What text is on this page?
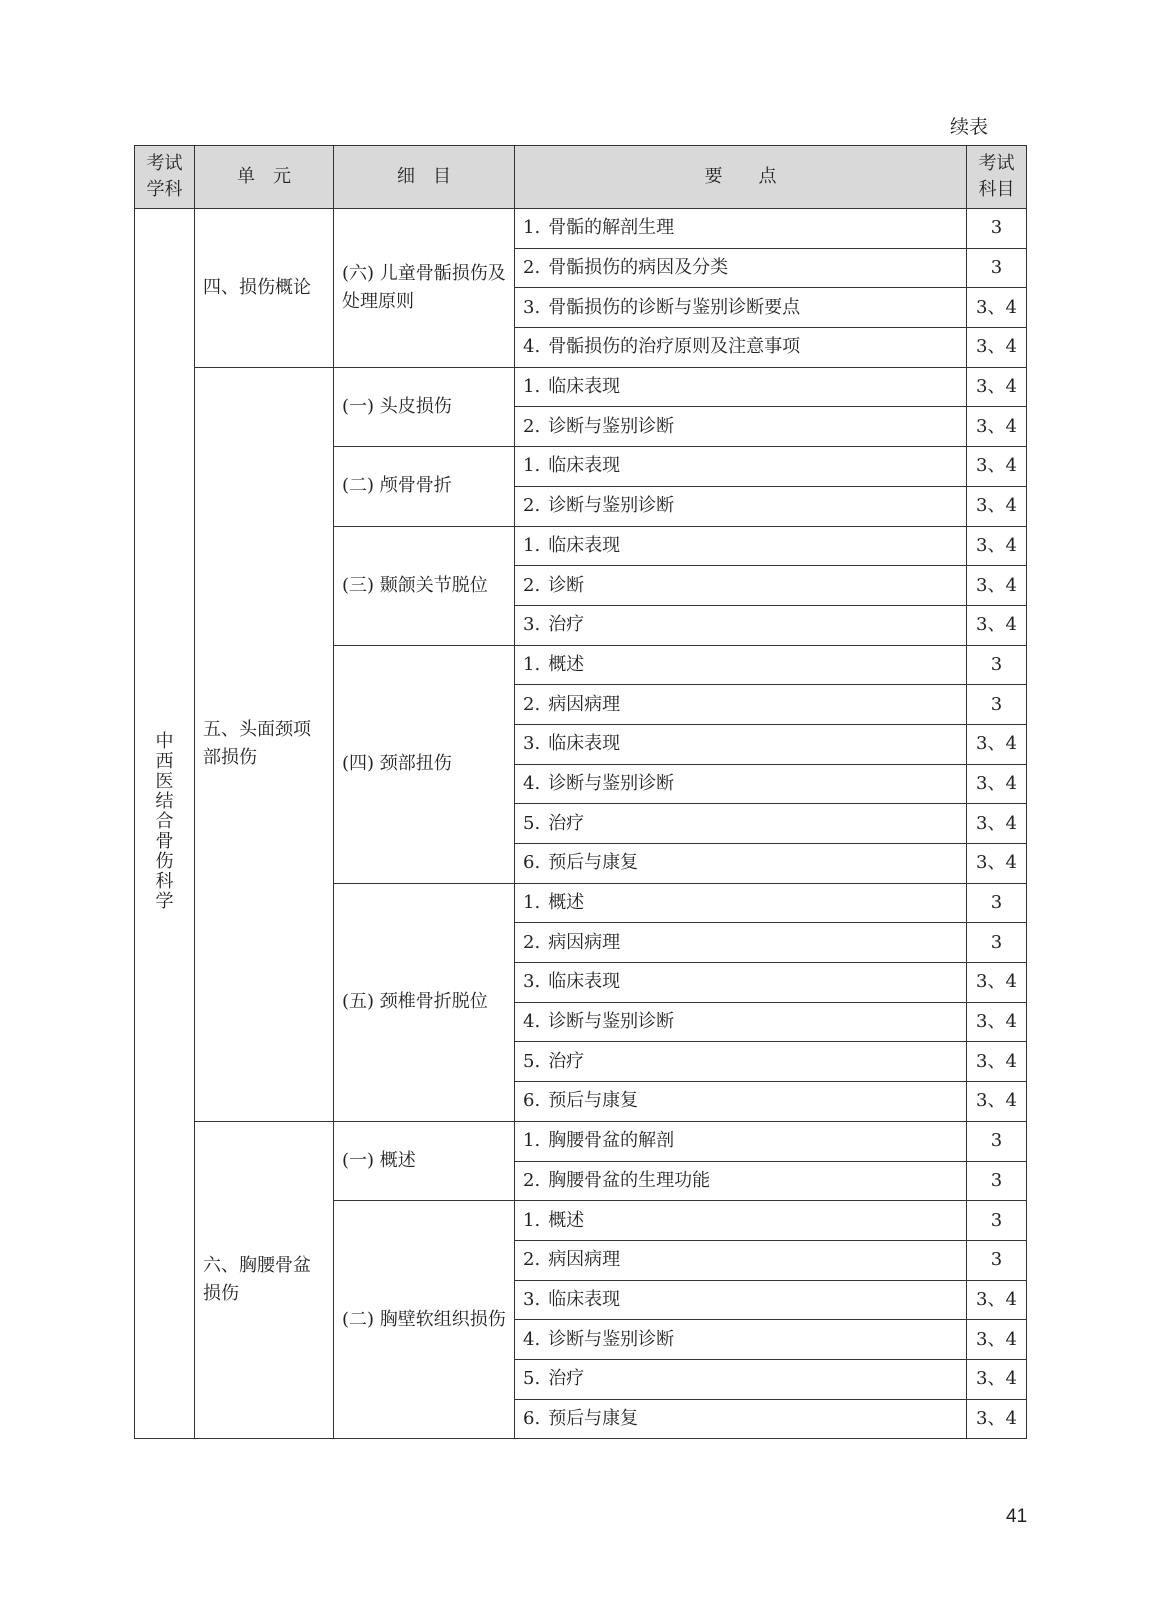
续表
考试学科	单　元	细　目	要　　点	考试科目
中西医结合骨伤科学	四、损伤概论	(六) 儿童骨骺损伤及处理原则	1. 骨骺的解剖生理	3
			2. 骨骺损伤的病因及分类	3
			3. 骨骺损伤的诊断与鉴别诊断要点	3、4
			4. 骨骺损伤的治疗原则及注意事项	3、4
	五、头面颈项部损伤	(一) 头皮损伤	1. 临床表现	3、4
			2. 诊断与鉴别诊断	3、4
		(二) 颅骨骨折	1. 临床表现	3、4
			2. 诊断与鉴别诊断	3、4
		(三) 颞颌关节脱位	1. 临床表现	3、4
			2. 诊断	3、4
			3. 治疗	3、4
		(四) 颈部扭伤	1. 概述	3
			2. 病因病理	3
			3. 临床表现	3、4
			4. 诊断与鉴别诊断	3、4
			5. 治疗	3、4
			6. 预后与康复	3、4
		(五) 颈椎骨折脱位	1. 概述	3
			2. 病因病理	3
			3. 临床表现	3、4
			4. 诊断与鉴别诊断	3、4
			5. 治疗	3、4
			6. 预后与康复	3、4
	六、胸腰骨盆损伤	(一) 概述	1. 胸腰骨盆的解剖	3
			2. 胸腰骨盆的生理功能	3
		(二) 胸壁软组织损伤	1. 概述	3
			2. 病因病理	3
			3. 临床表现	3、4
			4. 诊断与鉴别诊断	3、4
			5. 治疗	3、4
			6. 预后与康复	3、4
41
